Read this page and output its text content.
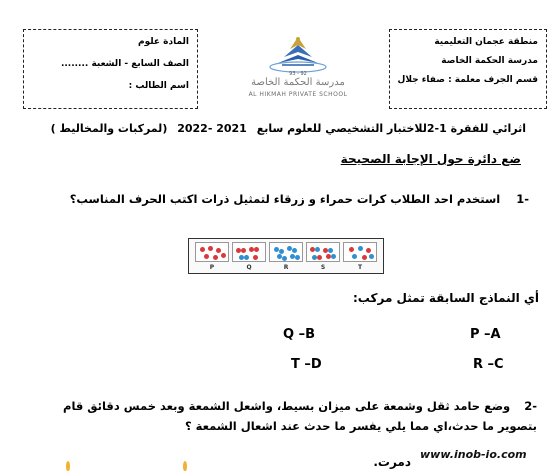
المادة علوم
الصف السابع - الشعبة ........
اسم الطالب :
93 - 92
مدرسة الحكمة الخاصة
AL HIKMAH PRIVATE SCHOOL
منطقة عجمان التعليمية
مدرسة الحكمة الخاصة
قسم الجرف معلمة : صفاء جلال
اثرائي للفقرة 1-2للاختبار التشخيصي للعلوم سابع 2021 -2022 (لمركبات والمخاليط )
ضع دائرة حول الإجابة الصحيحة
-1استخدم احد الطلاب كرات حمراء و زرقاء لتمثيل ذرات اكتب الحرف المناسب؟
P	Q	R	S	T
أي النماذج السابقة تمثل مركب:
P –A
Q –B
R –C
T –D
-2وضع حامد ثقل وشمعة على ميزان بسيط، واشعل الشمعة وبعد خمس دقائق قام
بتصوير ما حدث،اي مما يلي يفسر ما حدث عند اشعال الشمعة ؟
دمرت.
www.inob-io.com
